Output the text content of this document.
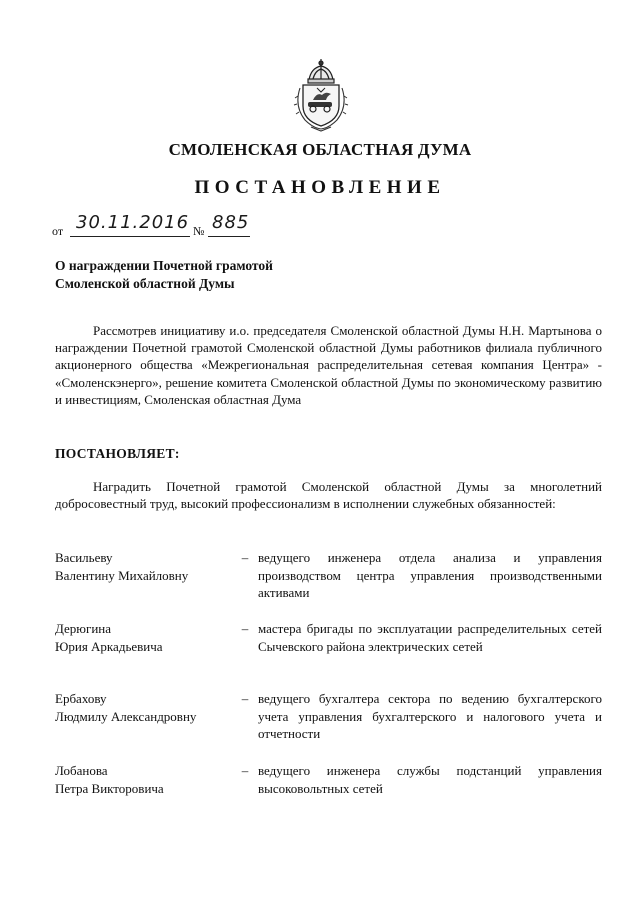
СМОЛЕНСКАЯ ОБЛАСТНАЯ ДУМА
ПОСТАНОВЛЕНИЕ
от 30.11.2016 № 885
О награждении Почетной грамотой
Смоленской областной Думы
Рассмотрев инициативу и.о. председателя Смоленской областной Думы Н.Н. Мартынова о награждении Почетной грамотой Смоленской областной Думы работников филиала публичного акционерного общества «Межрегиональная распределительная сетевая компания Центра» - «Смоленскэнерго», решение комитета Смоленской областной Думы по экономическому развитию и инвестициям, Смоленская областная Дума
ПОСТАНОВЛЯЕТ:
Наградить Почетной грамотой Смоленской областной Думы за многолетний добросовестный труд, высокий профессионализм в исполнении служебных обязанностей:
Васильеву
Валентину Михайловну
– ведущего инженера отдела анализа и управления производством центра управления производственными активами
Дерюгина
Юрия Аркадьевича
– мастера бригады по эксплуатации распределительных сетей Сычевского района электрических сетей
Ербахову
Людмилу Александровну
– ведущего бухгалтера сектора по ведению бухгалтерского учета управления бухгалтерского и налогового учета и отчетности
Лобанова
Петра Викторовича
– ведущего инженера службы подстанций управления высоковольтных сетей
